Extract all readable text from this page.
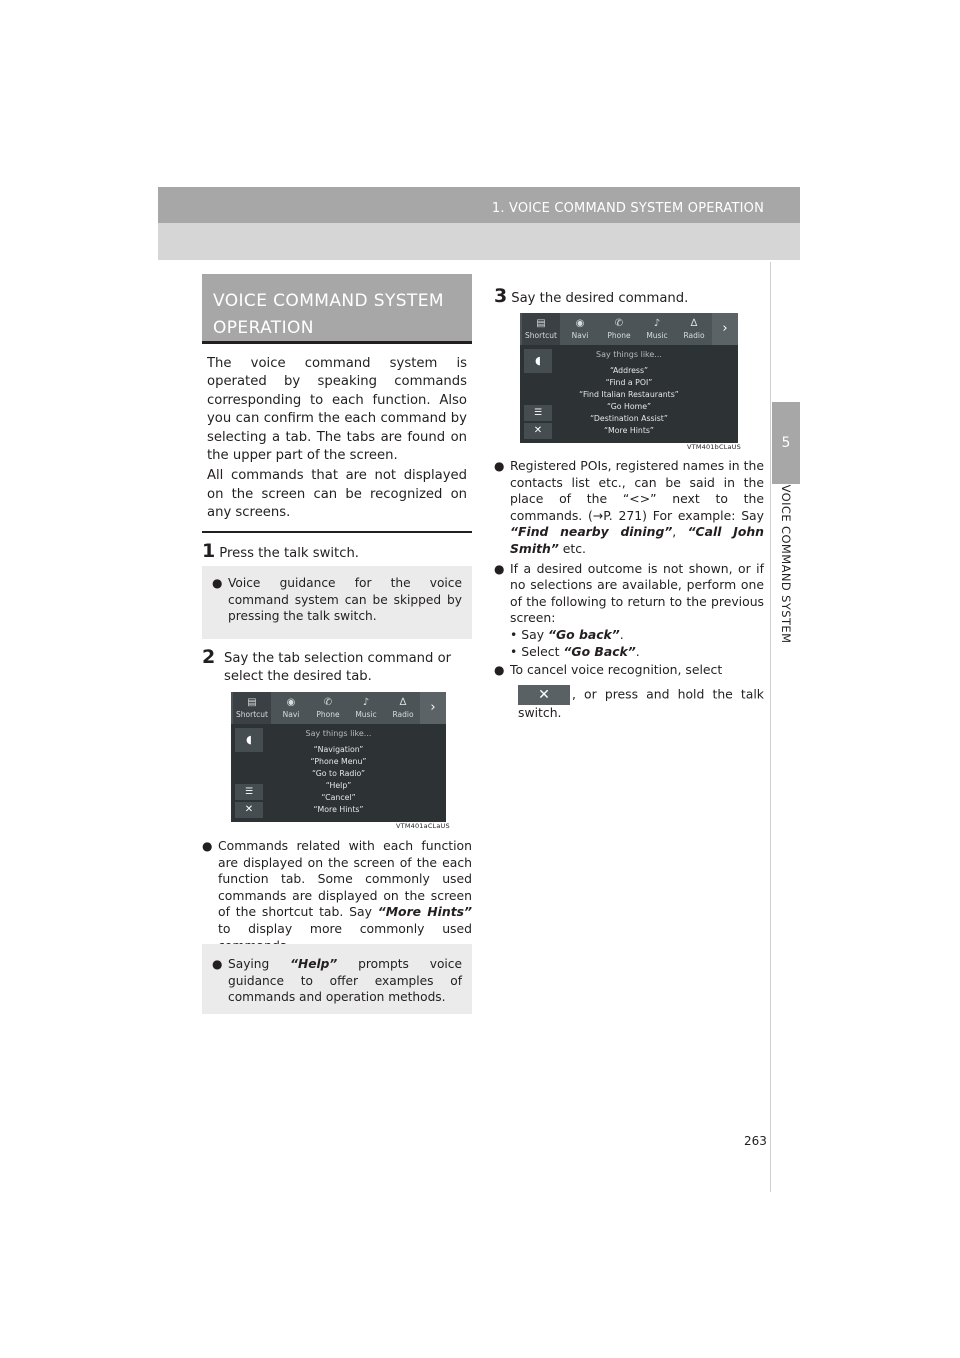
1. VOICE COMMAND SYSTEM OPERATION
5
VOICE COMMAND SYSTEM
VOICE COMMAND SYSTEM
OPERATION

The voice command system is operated by speaking commands corresponding to each function. Also you can confirm the each command by selecting a tab. The tabs are found on the upper part of the screen.

All commands that are not displayed on the screen can be recognized on any screens.

1 Press the talk switch.
● Voice guidance for the voice command system can be skipped by pressing the talk switch.
2 Say the tab selection command or select the desired tab.
▤
Shortcut
◉
Navi
✆
Phone
♪
Music
∆
Radio	›
◖
☰
✕
Say things like...
“Navigation”
“Phone Menu”
“Go to Radio”
“Help”
“Cancel”
“More Hints”
VTM401aCLaUS
● Commands related with each function are displayed on the screen of the each function tab. Some commonly used commands are displayed on the screen of the shortcut tab. Say “More Hints” to display more commonly used
● Saying “Help” prompts voice guidance to offer examples of commands and operation methods.
3 Say the desired command.
▤
Shortcut
◉
Navi
✆
Phone
♪
Music
∆
Radio	›
◖
☰
✕
Say things like...
“Address”
“Find a POI”
“Find Italian Restaurants”
“Go Home”
“Destination Assist”
“More Hints”
VTM401bCLaUS
● Registered POIs, registered names in the contacts list etc., can be said in the place of the “<>” next to the commands. (→P. 271) For example: Say “Find nearby dining”, “Call John Smith” etc.
● If a desired outcome is not shown, or if no selections are available, perform one of the following to return to the previous screen:
• Say “Go back”.
• Select “Go Back”.
● To cancel voice recognition, select
✕ , or press and hold the talk switch.
263
